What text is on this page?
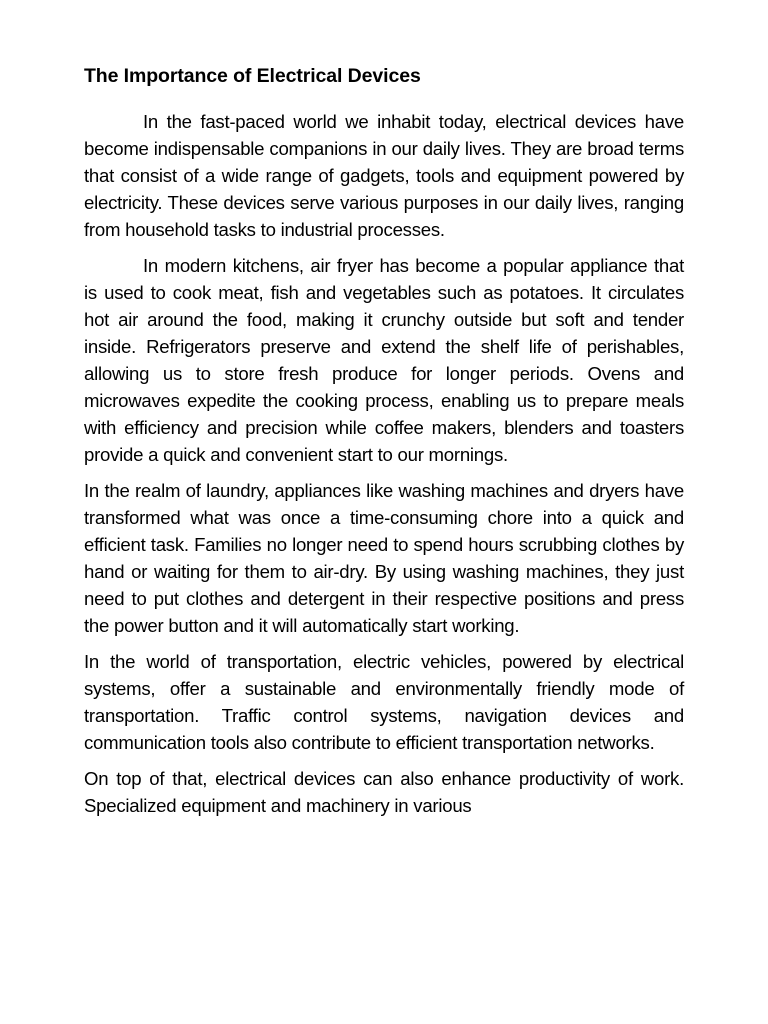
The Importance of Electrical Devices

In the fast-paced world we inhabit today, electrical devices have become indispensable companions in our daily lives. They are broad terms that consist of a wide range of gadgets, tools and equipment powered by electricity. These devices serve various purposes in our daily lives, ranging from household tasks to industrial processes.

In modern kitchens, air fryer has become a popular appliance that is used to cook meat, fish and vegetables such as potatoes. It circulates hot air around the food, making it crunchy outside but soft and tender inside. Refrigerators preserve and extend the shelf life of perishables, allowing us to store fresh produce for longer periods. Ovens and microwaves expedite the cooking process, enabling us to prepare meals with efficiency and precision while coffee makers, blenders and toasters provide a quick and convenient start to our mornings.

In the realm of laundry, appliances like washing machines and dryers have transformed what was once a time-consuming chore into a quick and efficient task. Families no longer need to spend hours scrubbing clothes by hand or waiting for them to air-dry. By using washing machines, they just need to put clothes and detergent in their respective positions and press the power button and it will automatically start working.

In the world of transportation, electric vehicles, powered by electrical systems, offer a sustainable and environmentally friendly mode of transportation. Traffic control systems, navigation devices and communication tools also contribute to efficient transportation networks.

On top of that, electrical devices can also enhance productivity of work. Specialized equipment and machinery in various
